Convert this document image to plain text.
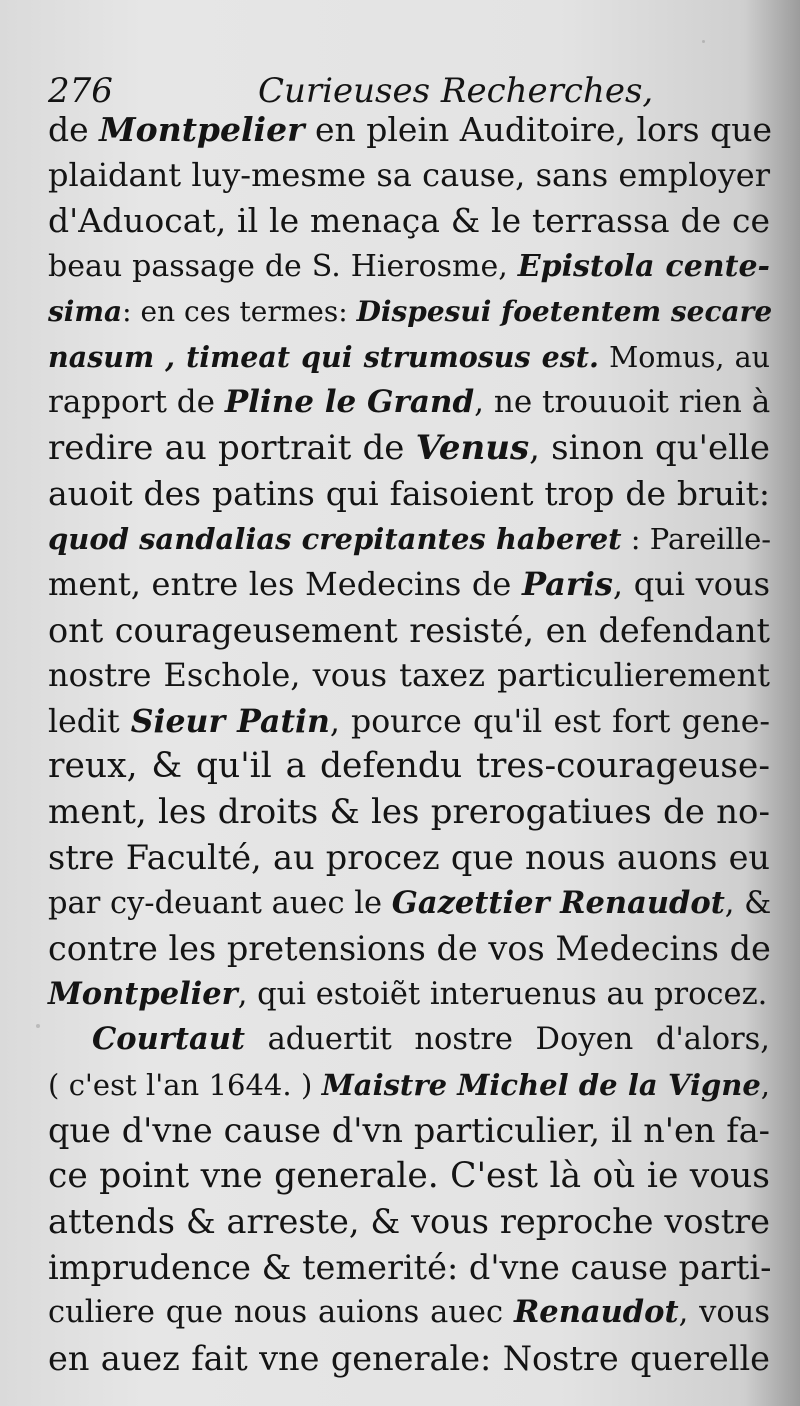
276	Curieuses Recherches,
de Montpelier en plein Auditoire, lors que
plaidant luy-mesme sa cause, sans employer
d'Aduocat, il le menaça & le terrassa de ce
beau passage de S. Hierosme, Epistola cente-
sima: en ces termes: Dispesui foetentem secare
nasum , timeat qui strumosus est. Momus, au
rapport de Pline le Grand, ne trouuoit rien à
redire au portrait de Venus, sinon qu'elle
auoit des patins qui faisoient trop de bruit:
quod sandalias crepitantes haberet : Pareille-
ment, entre les Medecins de Paris, qui vous
ont courageusement resisté, en defendant
nostre Eschole, vous taxez particulierement
ledit Sieur Patin, pource qu'il est fort gene-
reux, & qu'il a defendu tres-courageuse-
ment, les droits & les prerogatiues de no-
stre Faculté, au procez que nous auons eu
par cy-deuant auec le Gazettier Renaudot, &
contre les pretensions de vos Medecins de
Montpelier, qui estoiẽt interuenus au procez.
Courtaut aduertit nostre Doyen d'alors,
( c'est l'an 1644. ) Maistre Michel de la Vigne,
que d'vne cause d'vn particulier, il n'en fa-
ce point vne generale. C'est là où ie vous
attends & arreste, & vous reproche vostre
imprudence & temerité: d'vne cause parti-
culiere que nous auions auec Renaudot, vous
en auez fait vne generale: Nostre querelle
